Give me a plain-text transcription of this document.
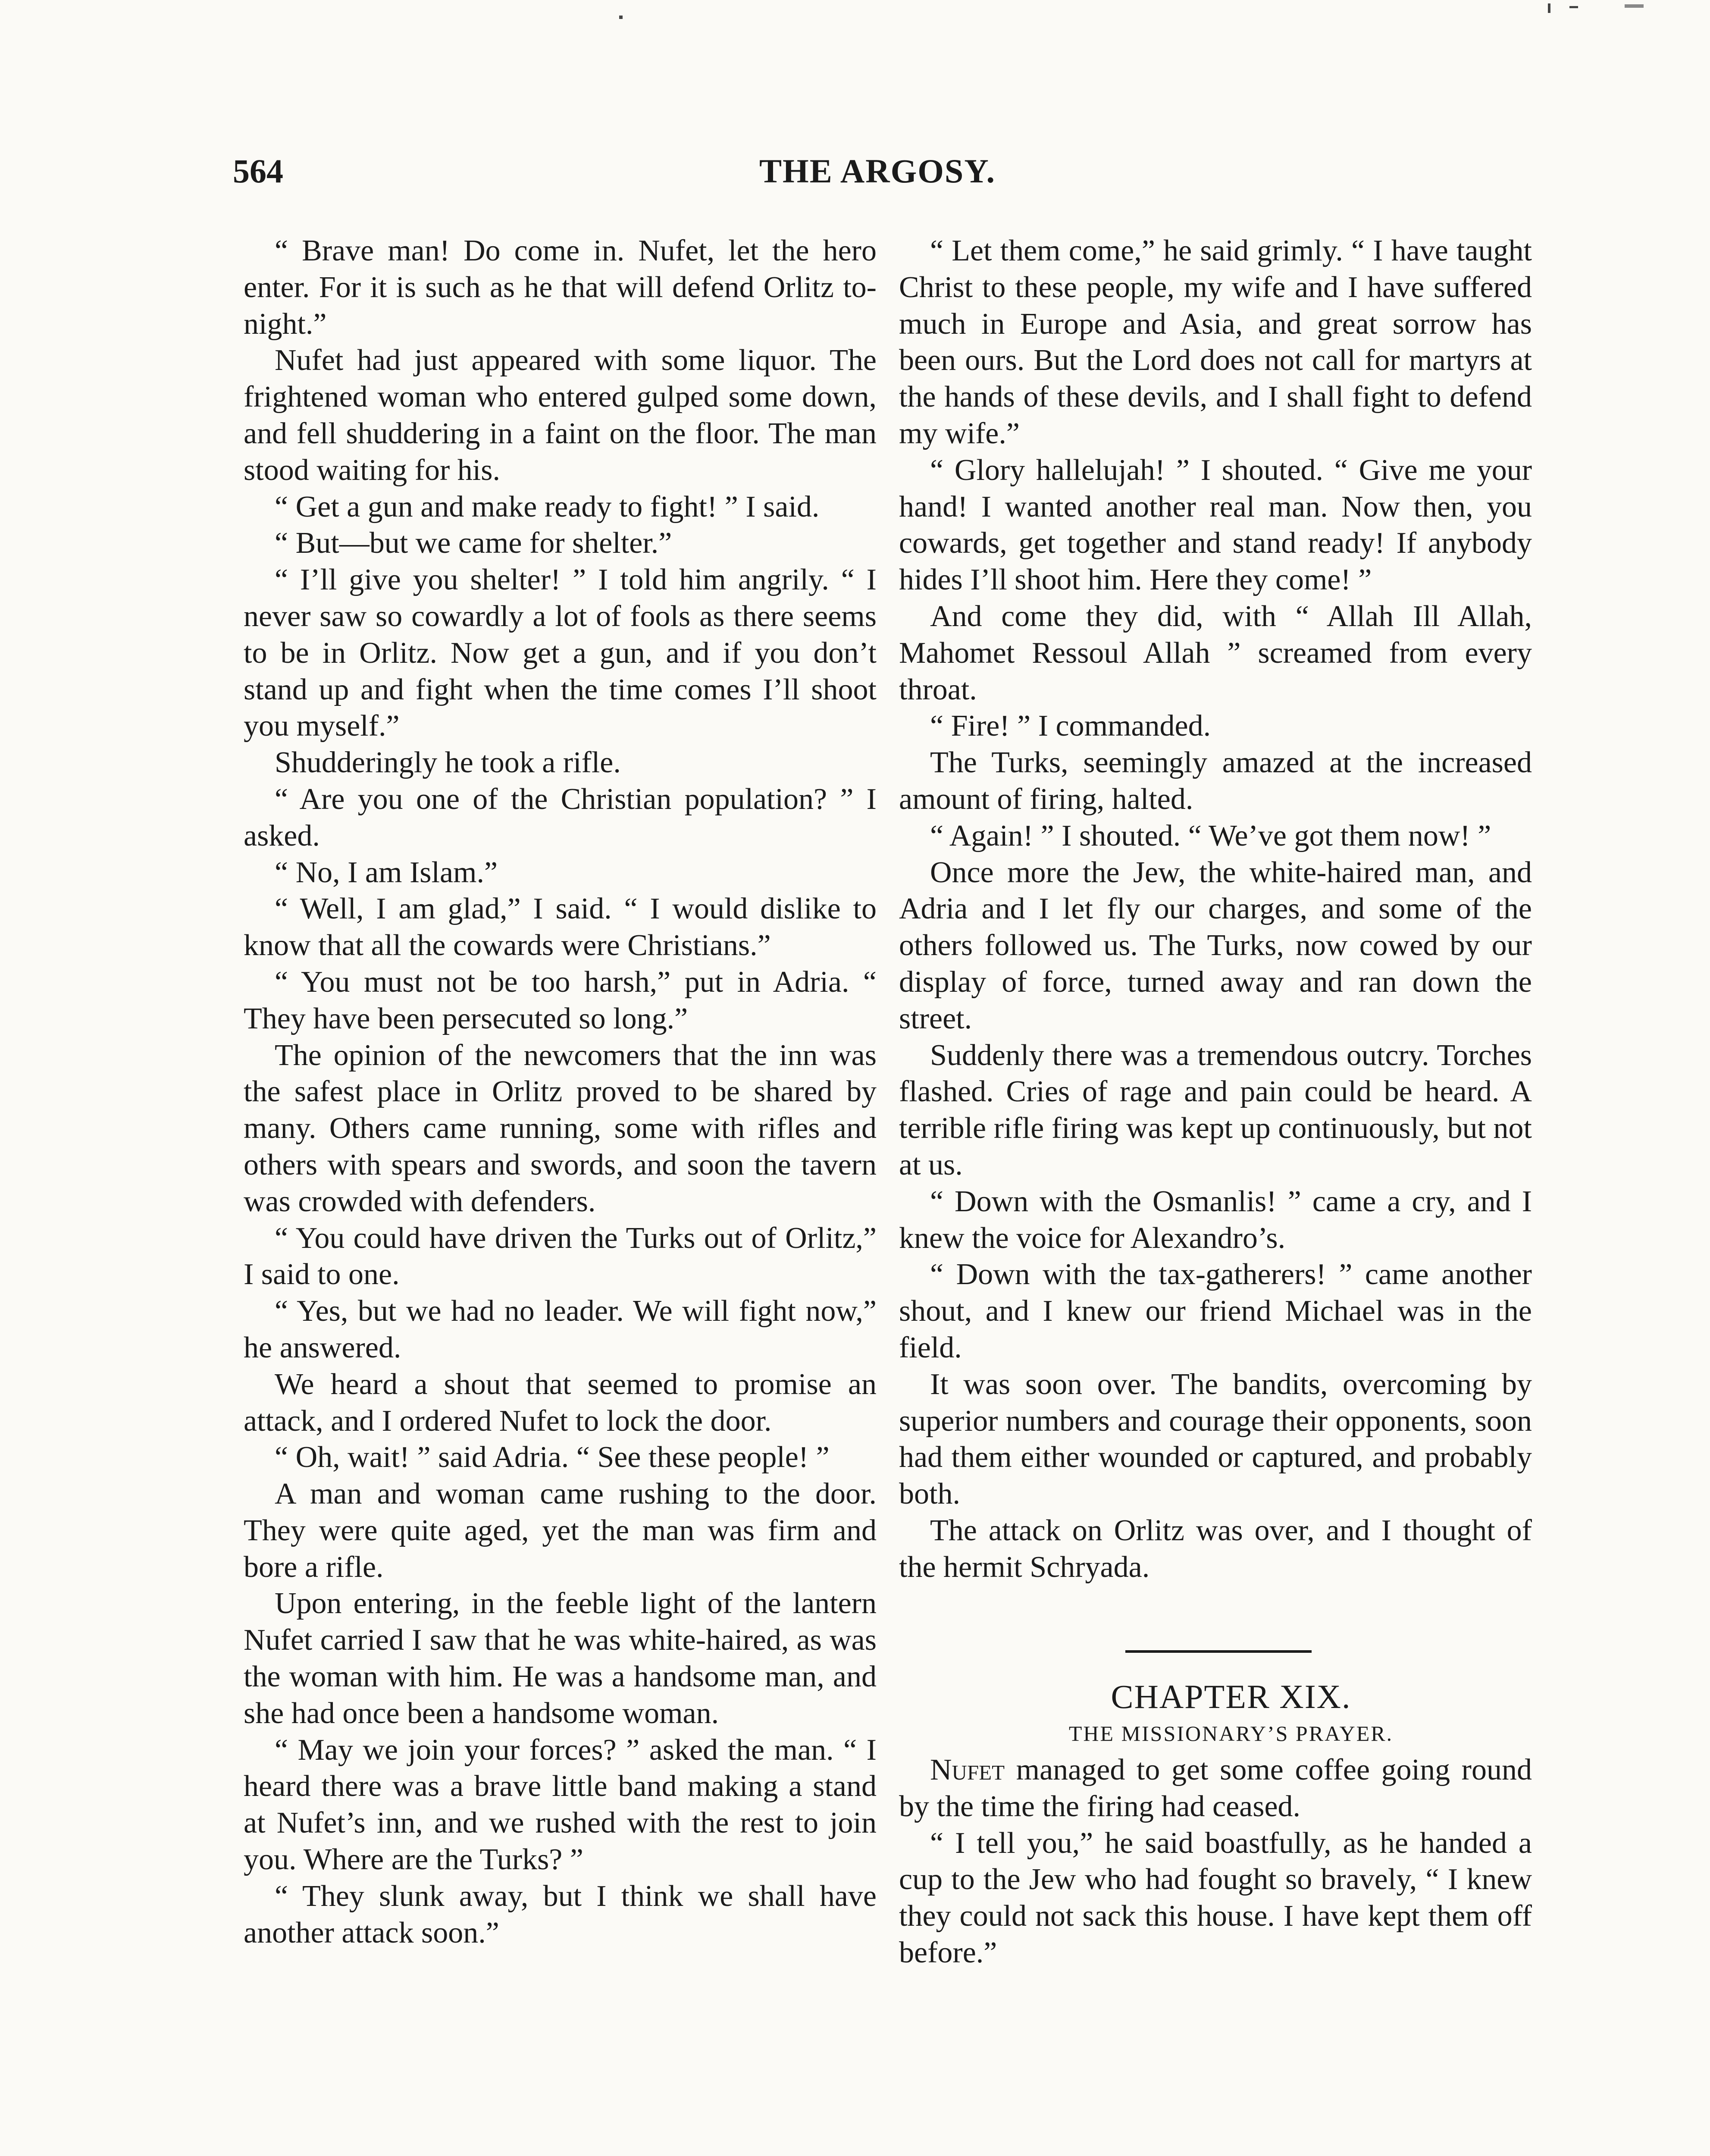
564	THE ARGOSY.

“ Brave man! Do come in. Nufet, let the hero enter. For it is such as he that will defend Orlitz to-night.”

Nufet had just appeared with some liquor. The frightened woman who entered gulped some down, and fell shuddering in a faint on the floor. The man stood waiting for his.

“ Get a gun and make ready to fight! ” I said.

“ But—but we came for shelter.”

“ I’ll give you shelter! ” I told him angrily. “ I never saw so cowardly a lot of fools as there seems to be in Orlitz. Now get a gun, and if you don’t stand up and fight when the time comes I’ll shoot you myself.”

Shudderingly he took a rifle.

“ Are you one of the Christian population? ” I asked.

“ No, I am Islam.”

“ Well, I am glad,” I said. “ I would dislike to know that all the cowards were Christians.”

“ You must not be too harsh,” put in Adria. “ They have been persecuted so long.”

The opinion of the newcomers that the inn was the safest place in Orlitz proved to be shared by many. Others came running, some with rifles and others with spears and swords, and soon the tavern was crowded with defenders.

“ You could have driven the Turks out of Orlitz,” I said to one.

“ Yes, but we had no leader. We will fight now,” he answered.

We heard a shout that seemed to promise an attack, and I ordered Nufet to lock the door.

“ Oh, wait! ” said Adria. “ See these people! ”

A man and woman came rushing to the door. They were quite aged, yet the man was firm and bore a rifle.

Upon entering, in the feeble light of the lantern Nufet carried I saw that he was white-haired, as was the woman with him. He was a handsome man, and she had once been a handsome woman.

“ May we join your forces? ” asked the man. “ I heard there was a brave little band making a stand at Nufet’s inn, and we rushed with the rest to join you. Where are the Turks? ”

“ They slunk away, but I think we shall have another attack soon.”

“ Let them come,” he said grimly. “ I have taught Christ to these people, my wife and I have suffered much in Europe and Asia, and great sorrow has been ours. But the Lord does not call for martyrs at the hands of these devils, and I shall fight to defend my wife.”

“ Glory hallelujah! ” I shouted. “ Give me your hand! I wanted another real man. Now then, you cowards, get together and stand ready! If anybody hides I’ll shoot him. Here they come! ”

And come they did, with “ Allah Ill Allah, Mahomet Ressoul Allah ” screamed from every throat.

“ Fire! ” I commanded.

The Turks, seemingly amazed at the increased amount of firing, halted.

“ Again! ” I shouted. “ We’ve got them now! ”

Once more the Jew, the white-haired man, and Adria and I let fly our charges, and some of the others followed us. The Turks, now cowed by our display of force, turned away and ran down the street.

Suddenly there was a tremendous outcry. Torches flashed. Cries of rage and pain could be heard. A terrible rifle firing was kept up continuously, but not at us.

“ Down with the Osmanlis! ” came a cry, and I knew the voice for Alexandro’s.

“ Down with the tax-gatherers! ” came another shout, and I knew our friend Michael was in the field.

It was soon over. The bandits, overcoming by superior numbers and courage their opponents, soon had them either wounded or captured, and probably both.

The attack on Orlitz was over, and I thought of the hermit Schryada.

CHAPTER XIX.

THE MISSIONARY’S PRAYER.

Nufet managed to get some coffee going round by the time the firing had ceased.

“ I tell you,” he said boastfully, as he handed a cup to the Jew who had fought so bravely, “ I knew they could not sack this house. I have kept them off before.”
